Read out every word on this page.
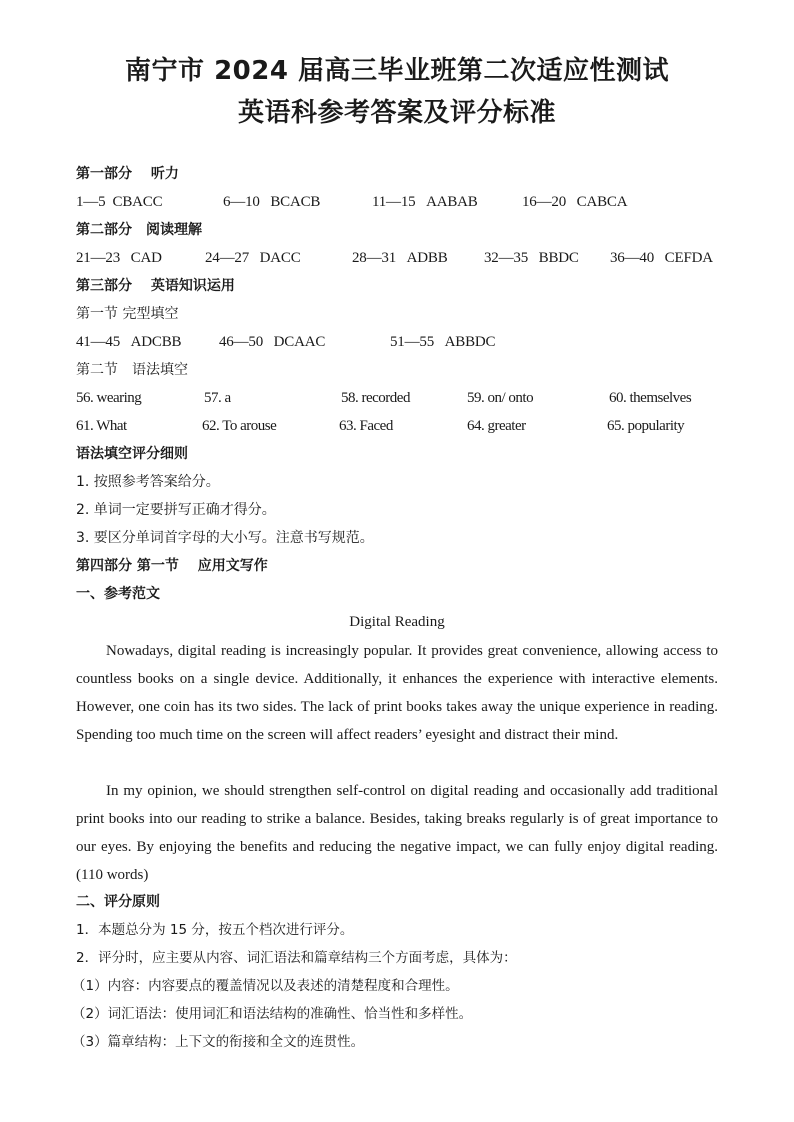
南宁市 2024 届高三毕业班第二次适应性测试
英语科参考答案及评分标准
第一部分　 听力
1—5 CBACC	6—10 BCACB	11—15 AABAB	16—20 CABCA
第二部分　阅读理解
21—23 CAD	24—27 DACC	28—31 ADBB 32—35 BBDC 36—40 CEFDA
第三部分　 英语知识运用
第一节 完型填空
41—45 ADCBB	46—50 DCAAC	51—55 ABBDC
第二节　语法填空
56. wearing	57. a	58. recorded	59. on/ onto	60. themselves
61. What	62. To arouse	63. Faced	64. greater	65. popularity
语法填空评分细则
1. 按照参考答案给分。
2. 单词一定要拼写正确才得分。
3. 要区分单词首字母的大小写。注意书写规范。
第四部分 第一节　 应用文写作
一、参考范文
Digital Reading

Nowadays, digital reading is increasingly popular. It provides great convenience, allowing access to countless books on a single device. Additionally, it enhances the experience with interactive elements. However, one coin has its two sides. The lack of print books takes away the unique experience in reading. Spending too much time on the screen will affect readers’ eyesight and distract their mind.

In my opinion, we should strengthen self-control on digital reading and occasionally add traditional print books into our reading to strike a balance. Besides, taking breaks regularly is of great importance to our eyes. By enjoying the benefits and reducing the negative impact, we can fully enjoy digital reading. (110 words)

二、评分原则
1．本题总分为 15 分，按五个档次进行评分。
2．评分时，应主要从内容、词汇语法和篇章结构三个方面考虑，具体为：
（1）内容：内容要点的覆盖情况以及表述的清楚程度和合理性。
（2）词汇语法：使用词汇和语法结构的准确性、恰当性和多样性。
（3）篇章结构：上下文的衔接和全文的连贯性。
